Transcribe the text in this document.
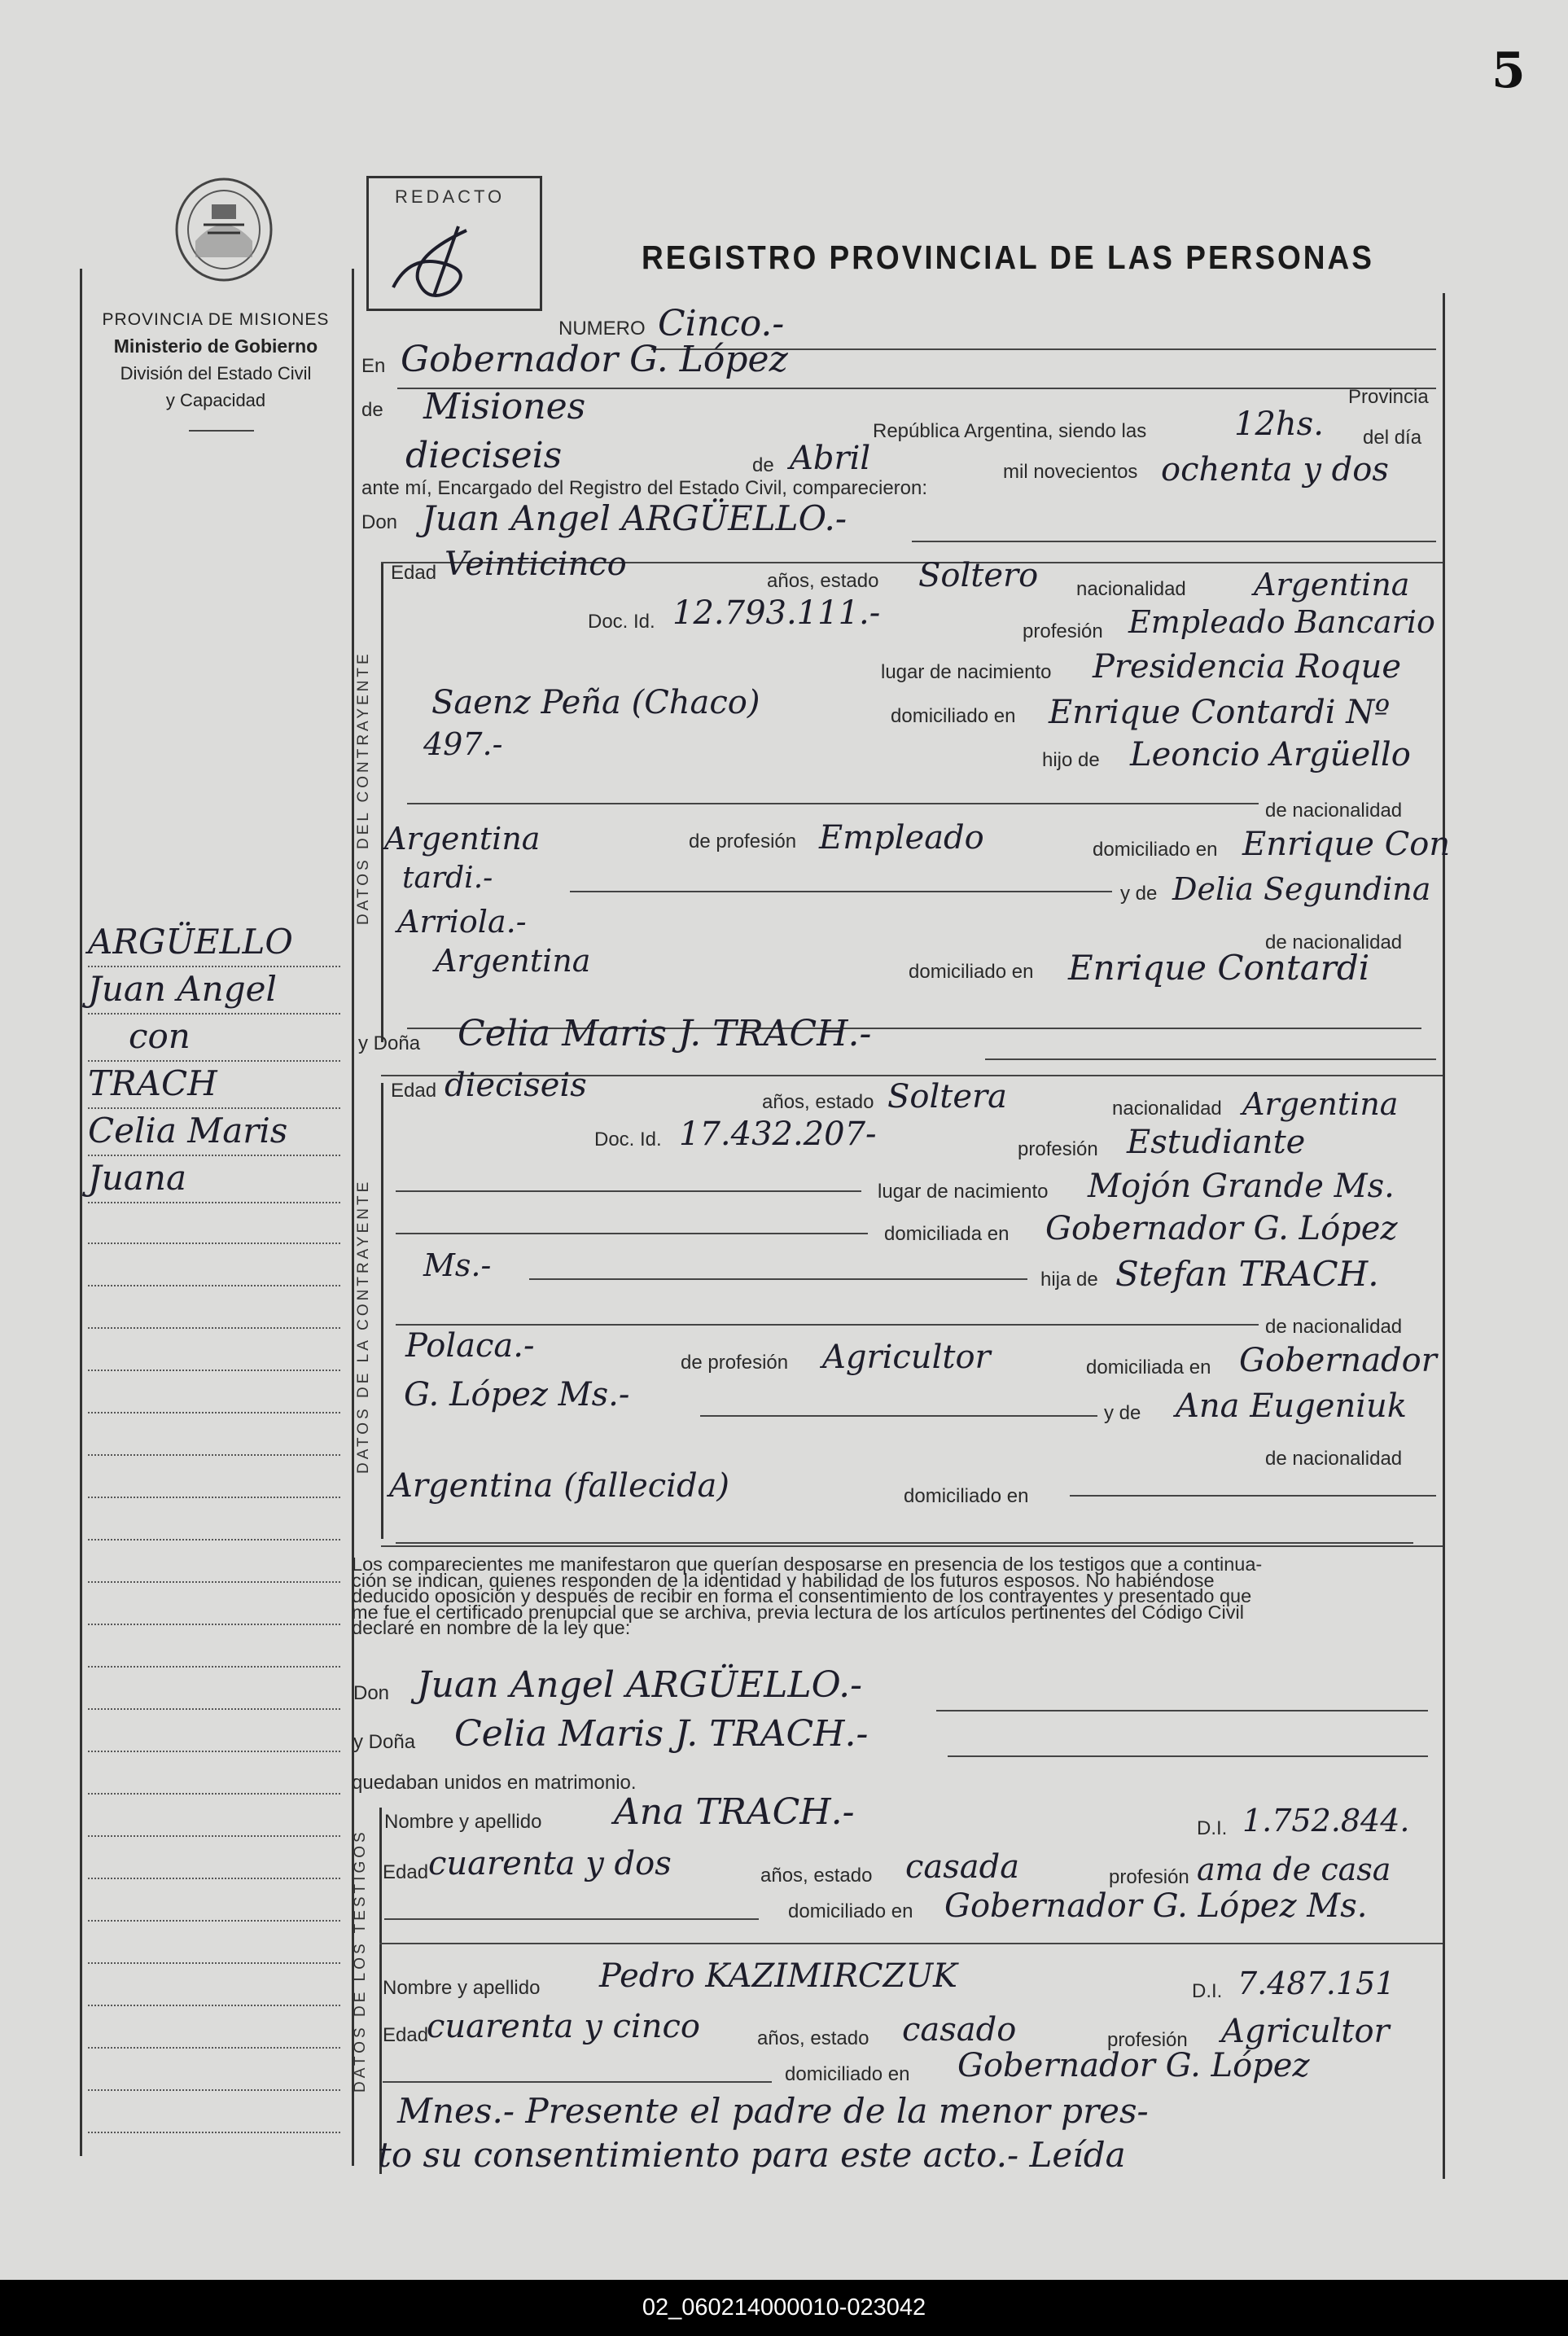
5
PROVINCIA DE MISIONES
Ministerio de Gobierno
División del Estado Civil
y Capacidad
REDACTO
REGISTRO PROVINCIAL DE LAS PERSONAS
DATOS DEL CONTRAYENTE
DATOS DE LA CONTRAYENTE
DATOS DE LOS TESTIGOS
ARGÜELLO
Juan Angel
con
TRACH
Celia Maris
Juana
NUMERO Cinco.-
En Gobernador G. López
Provincia
de Misiones
República Argentina, siendo las	12hs. del día
dieciseis	de Abril	mil novecientos ochenta y dos
ante mí, Encargado del Registro del Estado Civil, comparecieron:
Don Juan Angel ARGÜELLO.-
Edad Veinticinco	años, estado Soltero nacionalidad Argentina
Doc. Id. 12.793.111.-	profesión Empleado Bancario
lugar de nacimiento Presidencia Roque
Saenz Peña (Chaco)	domiciliado en Enrique Contardi Nº
497.-	hijo de Leoncio Argüello
de nacionalidad
Argentina	de profesión Empleado	domiciliado en Enrique Con
tardi.-	y de Delia Segundina
Arriola.-
de nacionalidad
Argentina	domiciliado en Enrique Contardi
y Doña Celia Maris J. TRACH.-
Edad dieciseis	años, estado Soltera	nacionalidad Argentina
Doc. Id. 17.432.207-	profesión Estudiante
lugar de nacimiento Mojón Grande Ms.
domiciliada en Gobernador G. López
Ms.-	hija de Stefan TRACH.
de nacionalidad
Polaca.-	de profesión Agricultor	domiciliada en Gobernador
G. López Ms.-	y de Ana Eugeniuk
de nacionalidad
Argentina (fallecida)	domiciliado en
Los comparecientes me manifestaron que querían desposarse en presencia de los testigos que a continua-
ción se indican, quienes responden de la identidad y habilidad de los futuros esposos. No habiéndose
deducido oposición y después de recibir en forma el consentimiento de los contrayentes y presentado que
me fue el certificado prenupcial que se archiva, previa lectura de los artículos pertinentes del Código Civil
declaré en nombre de la ley que:
Don Juan Angel ARGÜELLO.-
y Doña Celia Maris J. TRACH.-
quedaban unidos en matrimonio.
Nombre y apellido Ana TRACH.-	D.I. 1.752.844.
Edad cuarenta y dos	años, estado casada	profesión ama de casa
domiciliado en Gobernador G. López Ms.
Nombre y apellido Pedro KAZIMIRCZUK	D.I. 7.487.151
Edad
cuarenta y cinco	años, estado casado	profesión Agricultor
domiciliado en Gobernador G. López
Mnes.- Presente el padre de la menor pres-
to su consentimiento para este acto.- Leída
02_060214000010-023042
